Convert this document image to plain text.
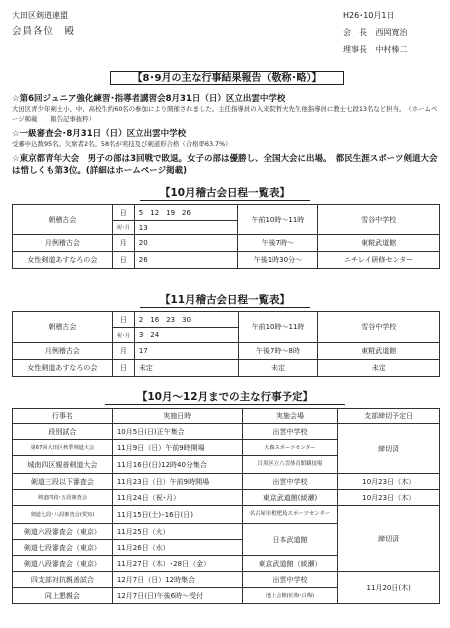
大田区剣道連盟
会員各位　殿
H26･10月1日
会　長 西岡寛治
理事長 中村榛二
【8･9月の主な行事結果報告（敬称･略）】
☆第6回ジュニア強化練習･指導者講習会8月31日（日）区立出雲中学校
大田区青少年剣士小、中、高校生約60名の参加により開催されました。主任指導員の入来院哲夫先生他指導員に教士七段13名など担当。　（ホームページ掲載　　報告記事抜粋）
☆一級審査会･8月31日（日）区立出雲中学校
受審申込数95名。欠席者2名。58名が実技及び剣道形合格（合格率63.7%）
☆東京都青年大会　男子の部は3回戦で敗退。女子の部は優勝し、全国大会に出場。　都民生涯スポーツ剣道大会は惜しくも第3位。(詳細はホームページ掲載)
【10月稽古会日程一覧表】
朝稽古会	日	5　12　19　26	午前10時〜11時	雪谷中学校
	祝･月	13		
月例稽古会	月	20	午後7時〜	東糀武道館
女性剣道あすなろの会	日	26	午後1時30分〜	ニチレイ研修センター
【11月稽古会日程一覧表】
朝稽古会	日	2　16　23　30	午前10時〜11時	雪谷中学校
	祝･月	3　24		
月例稽古会	月	17	午後7時〜8時	東糀武道館
女性剣道あすなろの会	日	未定	未定	未定
【10月〜12月までの主な行事予定】
行事名	実施日時	実施会場	支部締切予定日
段別試合	10月5日(日)正午集合	出雲中学校	締切済
第67回大田区秋季剣道大会	11月9日（日）午前9時開場	大森スポーツセンター	
城南四区親善剣道大会	11月16日(日)12時40分集合	目黒区立八雲体育館観技場	
剣道三段以下審査会	11月23日（日）午前9時開場	出雲中学校	10月23日（木）
剣道四段･五段審査会	11月24日（祝･月）	東京武道館(綾瀬)	10月23日（木）
剣道七段･八段審査会(愛知)	11月15日(土)･16日(日)	名古屋市枇杷島スポーツセンター	締切済
剣道六段審査会（東京）	11月25日（火）	日本武道館	
剣道七段審査会（東京）	11月26日（水）		
剣道八段審査会（東京）	11月27日（木）･28日（金）	東京武道館（綾瀬）	
四支部対抗親善試合	12月7日（日）12時集合	出雲中学校	11月20日(木)
同上懇親会	12月7日(日)午後6時〜受付	池上会館(紅梅･白梅)	
